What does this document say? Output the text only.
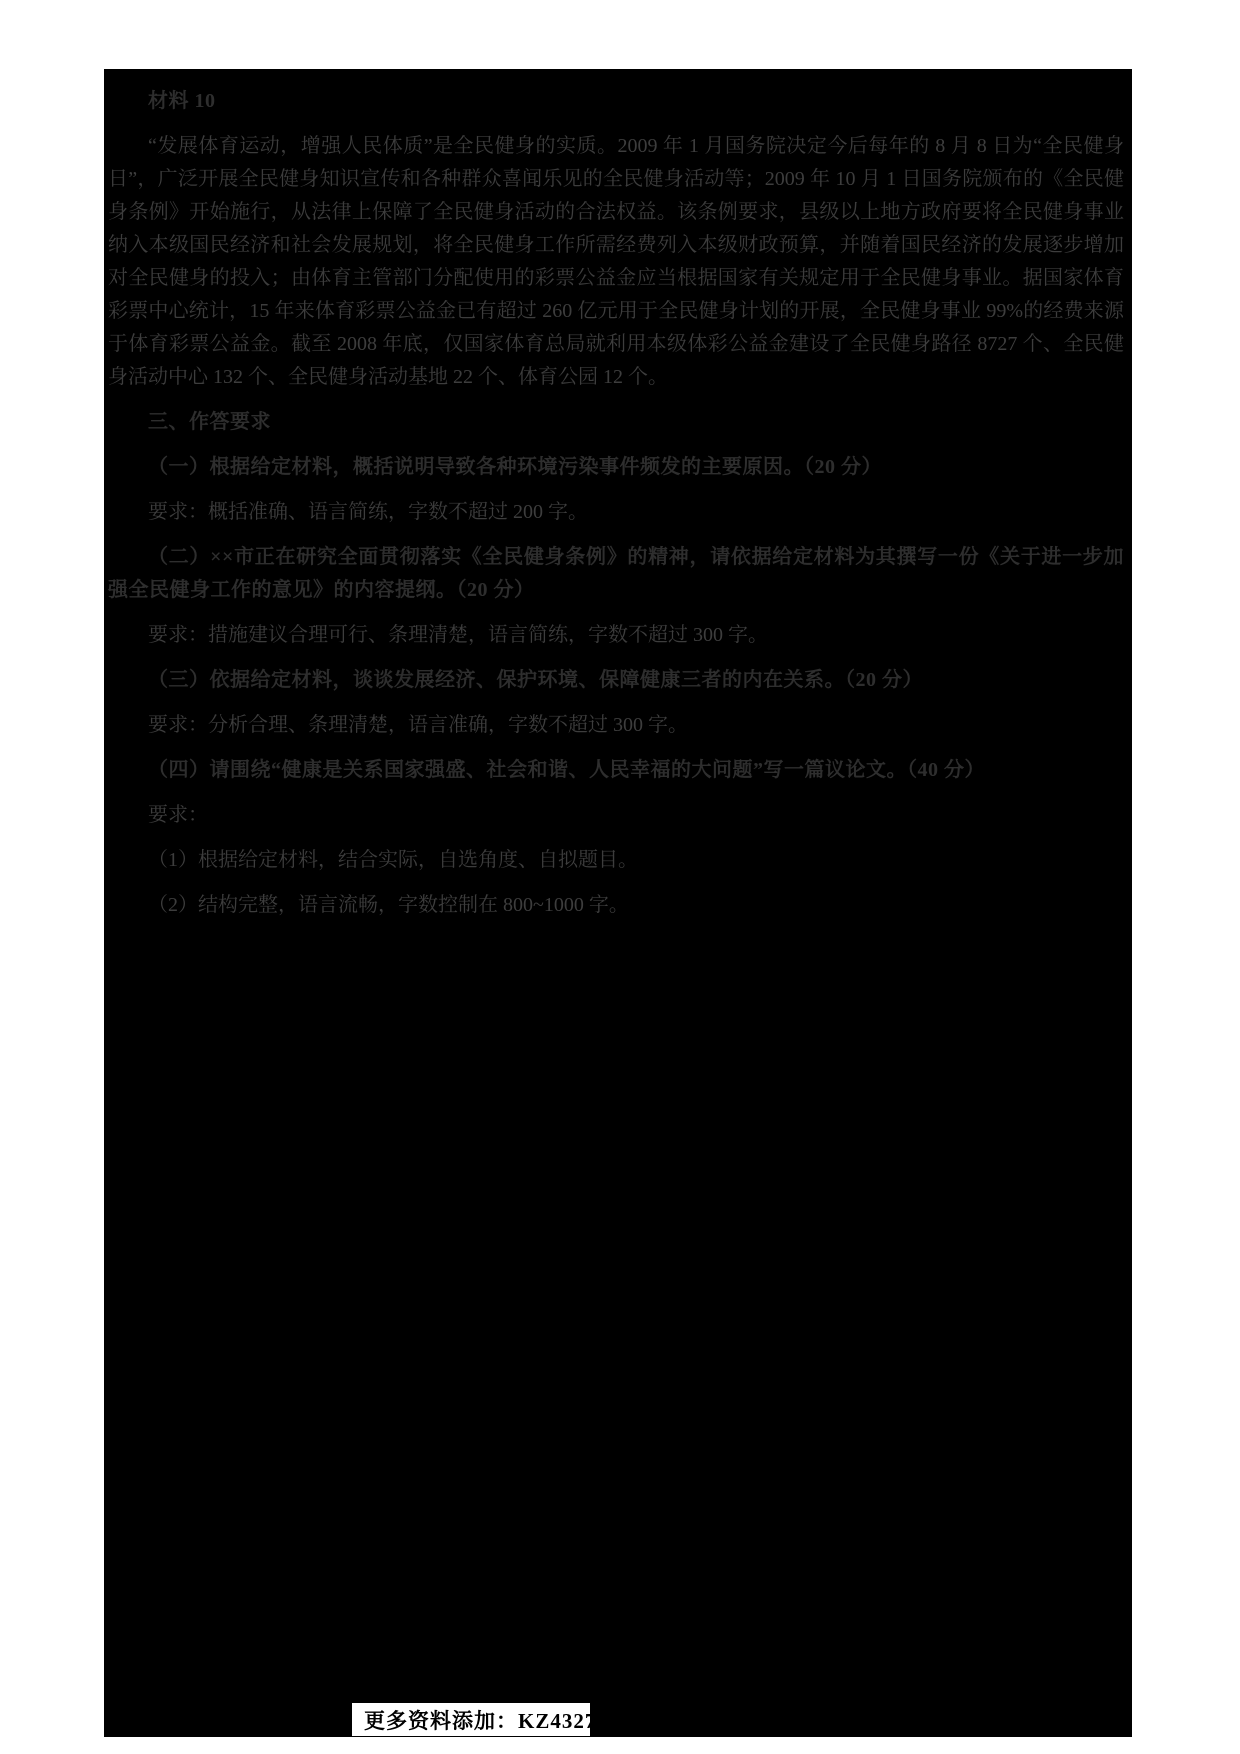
材料 10

“发展体育运动，增强人民体质”是全民健身的实质。2009 年 1 月国务院决定今后每年的 8 月 8 日为“全民健身日”，广泛开展全民健身知识宣传和各种群众喜闻乐见的全民健身活动等；2009 年 10 月 1 日国务院颁布的《全民健身条例》开始施行，从法律上保障了全民健身活动的合法权益。该条例要求，县级以上地方政府要将全民健身事业纳入本级国民经济和社会发展规划，将全民健身工作所需经费列入本级财政预算，并随着国民经济的发展逐步增加对全民健身的投入；由体育主管部门分配使用的彩票公益金应当根据国家有关规定用于全民健身事业。据国家体育彩票中心统计，15 年来体育彩票公益金已有超过 260 亿元用于全民健身计划的开展，全民健身事业 99%的经费来源于体育彩票公益金。截至 2008 年底，仅国家体育总局就利用本级体彩公益金建设了全民健身路径 8727 个、全民健身活动中心 132 个、全民健身活动基地 22 个、体育公园 12 个。

三、作答要求

（一）根据给定材料，概括说明导致各种环境污染事件频发的主要原因。（20 分）

要求：概括准确、语言简练，字数不超过 200 字。

（二）××市正在研究全面贯彻落实《全民健身条例》的精神，请依据给定材料为其撰写一份《关于进一步加强全民健身工作的意见》的内容提纲。（20 分）

要求：措施建议合理可行、条理清楚，语言简练，字数不超过 300 字。

（三）依据给定材料，谈谈发展经济、保护环境、保障健康三者的内在关系。（20 分）

要求：分析合理、条理清楚，语言准确，字数不超过 300 字。

（四）请围绕“健康是关系国家强盛、社会和谐、人民幸福的大问题”写一篇议论文。（40 分）

要求：

（1）根据给定材料，结合实际，自选角度、自拟题目。

（2）结构完整，语言流畅，字数控制在 800~1000 字。

更多资料添加：KZ4327
